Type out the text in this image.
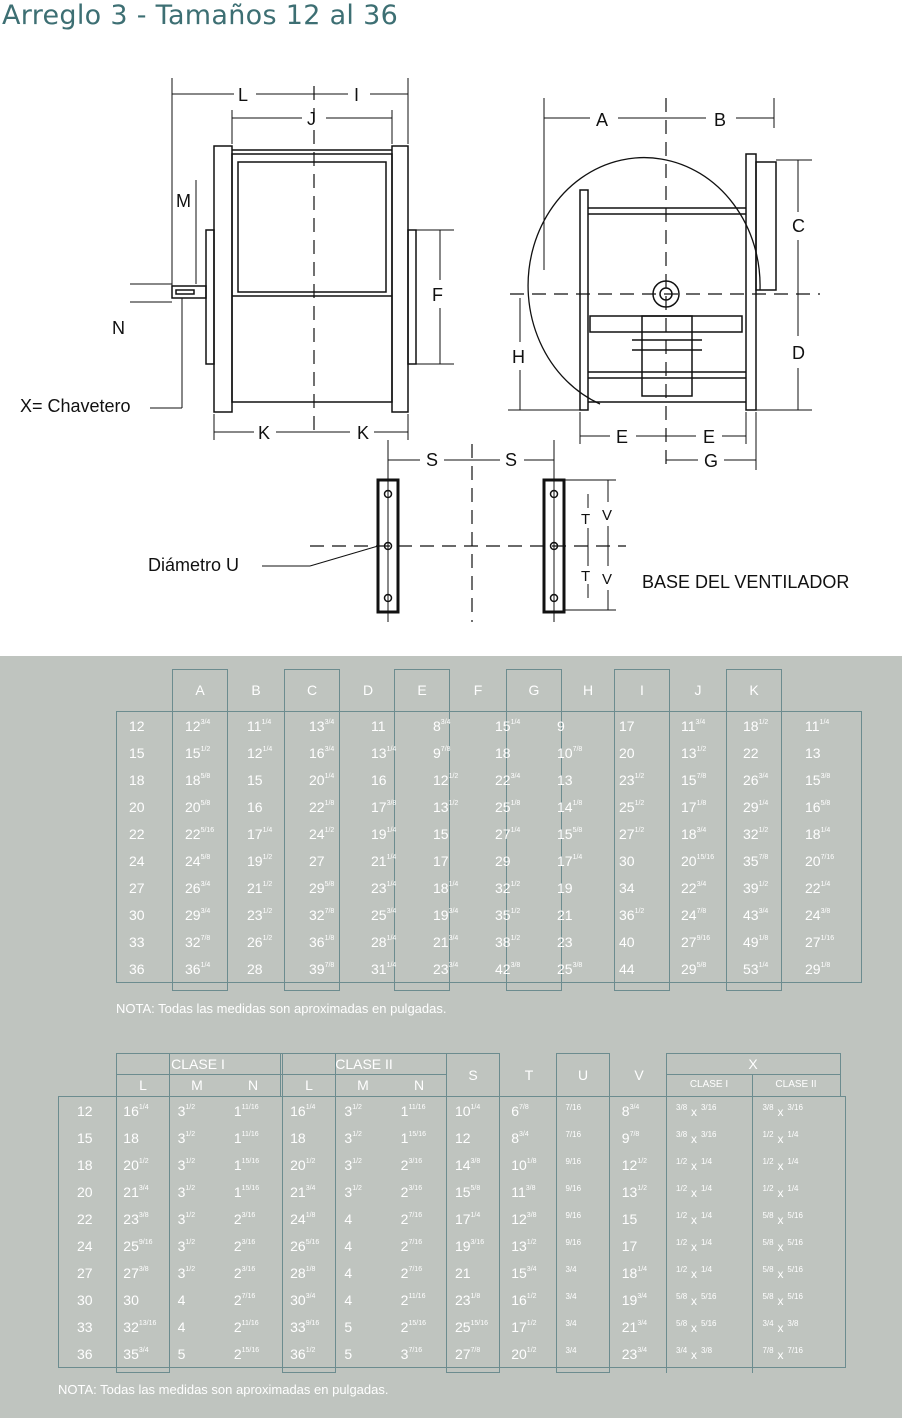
Arreglo 3 - Tamaños 12 al 36
L	I
J
M
N
F
K	K
X= Chavetero
A	B
C
D
H
E	E
G
S	S
T
T
V
V
Diámetro U
BASE DEL VENTILADOR
A	B	C	D	E	F	G	H	I	J	K
12	$12^{3/4}$	$11^{1/4}$	$13^{3/4}$	11	$8^{3/4}$	$15^{1/4}$	9	17	$11^{3/4}$	$18^{1/2}$	$11^{1/4}$
15	$15^{1/2}$	$12^{1/4}$	$16^{3/4}$	$13^{1/4}$	$9^{7/8}$	18	$10^{7/8}$	20	$13^{1/2}$	22	13
18	$18^{5/8}$	15	$20^{1/4}$	16	$12^{1/2}$	$22^{3/4}$	13	$23^{1/2}$	$15^{7/8}$	$26^{3/4}$	$15^{3/8}$
20	$20^{5/8}$	16	$22^{1/8}$	$17^{3/8}$	$13^{1/2}$	$25^{1/8}$	$14^{1/8}$	$25^{1/2}$	$17^{1/8}$	$29^{1/4}$	$16^{5/8}$
22	$22^{5/16}$	$17^{1/4}$	$24^{1/2}$	$19^{1/4}$	15	$27^{1/4}$	$15^{5/8}$	$27^{1/2}$	$18^{3/4}$	$32^{1/2}$	$18^{1/4}$
24	$24^{5/8}$	$19^{1/2}$	27	$21^{1/4}$	17	29	$17^{1/4}$	30	$20^{15/16}$	$35^{7/8}$	$20^{7/16}$
27	$26^{3/4}$	$21^{1/2}$	$29^{5/8}$	$23^{1/4}$	$18^{1/4}$	$32^{1/2}$	19	34	$22^{3/4}$	$39^{1/2}$	$22^{1/4}$
30	$29^{3/4}$	$23^{1/2}$	$32^{7/8}$	$25^{3/4}$	$19^{3/4}$	$35^{1/2}$	21	$36^{1/2}$	$24^{7/8}$	$43^{3/4}$	$24^{3/8}$
33	$32^{7/8}$	$26^{1/2}$	$36^{1/8}$	$28^{1/4}$	$21^{3/4}$	$38^{1/2}$	23	40	$27^{9/16}$	$49^{1/8}$	$27^{1/16}$
36	$36^{1/4}$	28	$39^{7/8}$	$31^{1/4}$	$23^{3/4}$	$42^{3/8}$	$25^{3/8}$	44	$29^{5/8}$	$53^{1/4}$	$29^{1/8}$
NOTA: Todas las medidas son aproximadas en pulgadas.
CLASE I	CLASE II	X
CLASE I	CLASE II
L	M	N	L	M	N
S	T	U	V
12	$16^{1/4}$	$3^{1/2}$	$1^{11/16}$	$16^{1/4}$	$3^{1/2}$	$1^{11/16}$	$10^{1/4}$	$6^{7/8}$	$^{7/16}$	$8^{3/4}$	$^{3/8}$ x $^{3/16}$	$^{3/8}$ x $^{3/16}$
15	18	$3^{1/2}$	$1^{11/16}$	18	$3^{1/2}$	$1^{15/16}$	12	$8^{3/4}$	$^{7/16}$	$9^{7/8}$	$^{3/8}$ x $^{3/16}$	$^{1/2}$ x $^{1/4}$
18	$20^{1/2}$	$3^{1/2}$	$1^{15/16}$	$20^{1/2}$	$3^{1/2}$	$2^{3/16}$	$14^{3/8}$	$10^{1/8}$	$^{9/16}$	$12^{1/2}$	$^{1/2}$ x $^{1/4}$	$^{1/2}$ x $^{1/4}$
20	$21^{3/4}$	$3^{1/2}$	$1^{15/16}$	$21^{3/4}$	$3^{1/2}$	$2^{3/16}$	$15^{5/8}$	$11^{3/8}$	$^{9/16}$	$13^{1/2}$	$^{1/2}$ x $^{1/4}$	$^{1/2}$ x $^{1/4}$
22	$23^{3/8}$	$3^{1/2}$	$2^{3/16}$	$24^{1/8}$	4	$2^{7/16}$	$17^{1/4}$	$12^{3/8}$	$^{9/16}$	15	$^{1/2}$ x $^{1/4}$	$^{5/8}$ x $^{5/16}$
24	$25^{9/16}$	$3^{1/2}$	$2^{3/16}$	$26^{5/16}$	4	$2^{7/16}$	$19^{3/16}$	$13^{1/2}$	$^{9/16}$	17	$^{1/2}$ x $^{1/4}$	$^{5/8}$ x $^{5/16}$
27	$27^{3/8}$	$3^{1/2}$	$2^{3/16}$	$28^{1/8}$	4	$2^{7/16}$	21	$15^{3/4}$	$^{3/4}$	$18^{1/4}$	$^{1/2}$ x $^{1/4}$	$^{5/8}$ x $^{5/16}$
30	30	4	$2^{7/16}$	$30^{3/4}$	4	$2^{11/16}$	$23^{1/8}$	$16^{1/2}$	$^{3/4}$	$19^{3/4}$	$^{5/8}$ x $^{5/16}$	$^{5/8}$ x $^{5/16}$
33	$32^{13/16}$	4	$2^{11/16}$	$33^{9/16}$	5	$2^{15/16}$	$25^{15/16}$	$17^{1/2}$	$^{3/4}$	$21^{3/4}$	$^{5/8}$ x $^{5/16}$	$^{3/4}$ x $^{3/8}$
36	$35^{3/4}$	5	$2^{15/16}$	$36^{1/2}$	5	$3^{7/16}$	$27^{7/8}$	$20^{1/2}$	$^{3/4}$	$23^{3/4}$	$^{3/4}$ x $^{3/8}$	$^{7/8}$ x $^{7/16}$
NOTA: Todas las medidas son aproximadas en pulgadas.
